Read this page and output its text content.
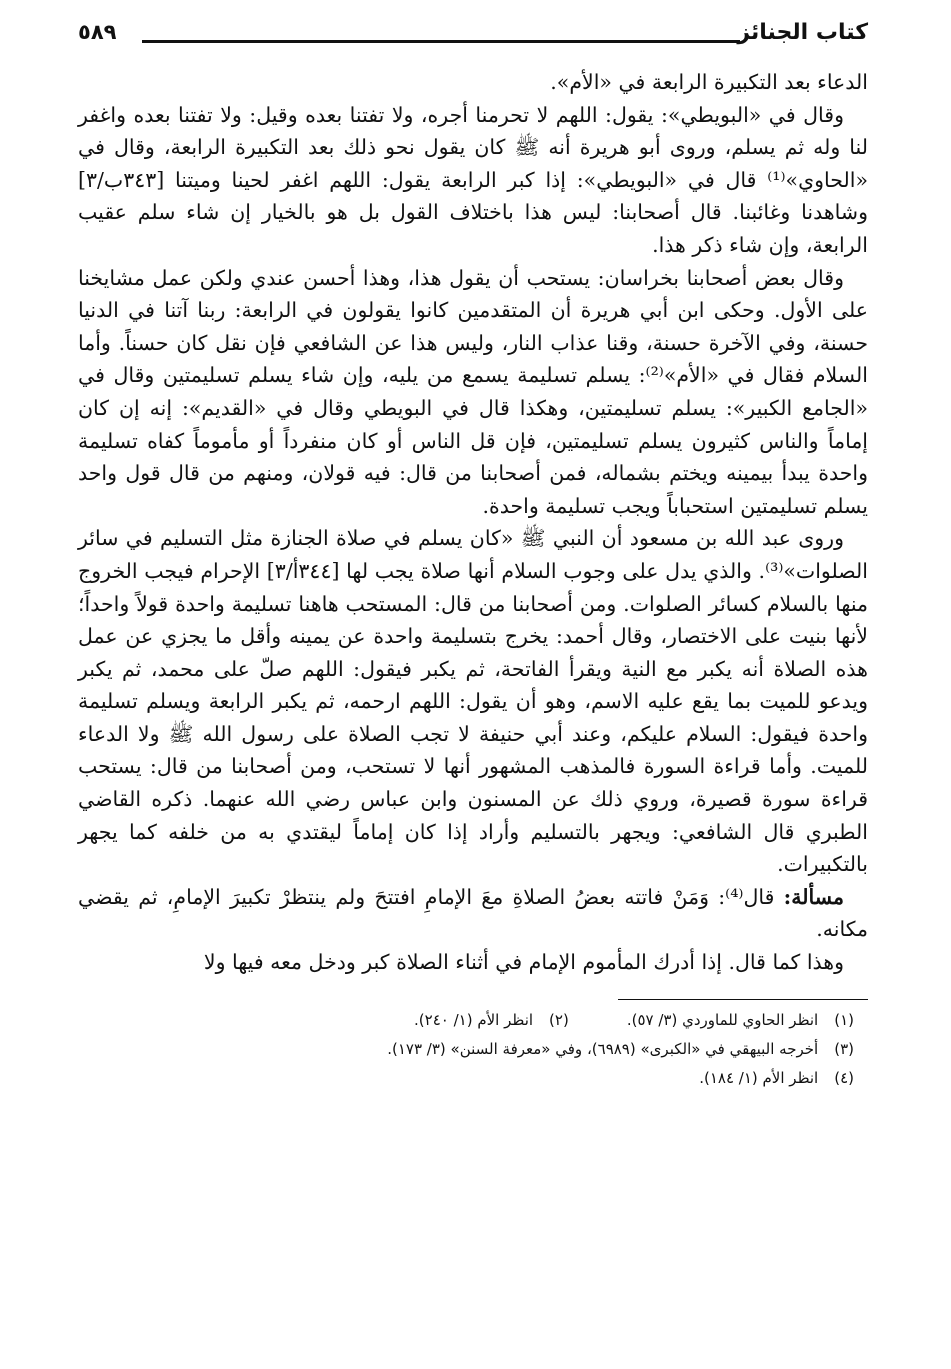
كتاب الجنائز
٥٨٩

الدعاء بعد التكبيرة الرابعة في «الأم».

وقال في «البويطي»: يقول: اللهم لا تحرمنا أجره، ولا تفتنا بعده وقيل: ولا تفتنا بعده واغفر لنا وله ثم يسلم، وروى أبو هريرة أنه ﷺ كان يقول نحو ذلك بعد التكبيرة الرابعة، وقال في «الحاوي»⁽¹⁾ قال في «البويطي»: إذا كبر الرابعة يقول: اللهم اغفر لحينا وميتنا [٣٤٣ب/٣] وشاهدنا وغائبنا. قال أصحابنا: ليس هذا باختلاف القول بل هو بالخيار إن شاء سلم عقيب الرابعة، وإن شاء ذكر هذا.

وقال بعض أصحابنا بخراسان: يستحب أن يقول هذا، وهذا أحسن عندي ولكن عمل مشايخنا على الأول. وحكى ابن أبي هريرة أن المتقدمين كانوا يقولون في الرابعة: ربنا آتنا في الدنيا حسنة، وفي الآخرة حسنة، وقنا عذاب النار، وليس هذا عن الشافعي فإن نقل كان حسناً. وأما السلام فقال في «الأم»⁽²⁾: يسلم تسليمة يسمع من يليه، وإن شاء يسلم تسليمتين وقال في «الجامع الكبير»: يسلم تسليمتين، وهكذا قال في البويطي وقال في «القديم»: إنه إن كان إماماً والناس كثيرون يسلم تسليمتين، فإن قل الناس أو كان منفرداً أو مأموماً كفاه تسليمة واحدة يبدأ بيمينه ويختم بشماله، فمن أصحابنا من قال: فيه قولان، ومنهم من قال قول واحد يسلم تسليمتين استحباباً ويجب تسليمة واحدة.

وروى عبد الله بن مسعود أن النبي ﷺ «كان يسلم في صلاة الجنازة مثل التسليم في سائر الصلوات»⁽³⁾. والذي يدل على وجوب السلام أنها صلاة يجب لها [٣٤٤أ/٣] الإحرام فيجب الخروج منها بالسلام كسائر الصلوات. ومن أصحابنا من قال: المستحب هاهنا تسليمة واحدة قولاً واحداً؛ لأنها بنيت على الاختصار، وقال أحمد: يخرج بتسليمة واحدة عن يمينه وأقل ما يجزي عن عمل هذه الصلاة أنه يكبر مع النية ويقرأ الفاتحة، ثم يكبر فيقول: اللهم صلّ على محمد، ثم يكبر ويدعو للميت بما يقع عليه الاسم، وهو أن يقول: اللهم ارحمه، ثم يكبر الرابعة ويسلم تسليمة واحدة فيقول: السلام عليكم، وعند أبي حنيفة لا تجب الصلاة على رسول الله ﷺ ولا الدعاء للميت. وأما قراءة السورة فالمذهب المشهور أنها لا تستحب، ومن أصحابنا من قال: يستحب قراءة سورة قصيرة، وروي ذلك عن المسنون وابن عباس رضي الله عنهما. ذكره القاضي الطبري قال الشافعي: ويجهر بالتسليم وأراد إذا كان إماماً ليقتدي به من خلفه كما يجهر بالتكبيرات.

مسألة: قال⁽⁴⁾: وَمَنْ فاتته بعضُ الصلاةِ معَ الإمامِ افتتحَ ولم ينتظرْ تكبيرَ الإمامِ، ثم يقضي مكانه.

وهذا كما قال. إذا أدرك المأموم الإمام في أثناء الصلاة كبر ودخل معه فيها ولا

(١)انظر الحاوي للماوردي (٣/ ٥٧).
(٢)انظر الأم (١/ ٢٤٠).
(٣)أخرجه البيهقي في «الكبرى» (٦٩٨٩)، وفي «معرفة السنن» (٣/ ١٧٣).
(٤)انظر الأم (١/ ١٨٤).
